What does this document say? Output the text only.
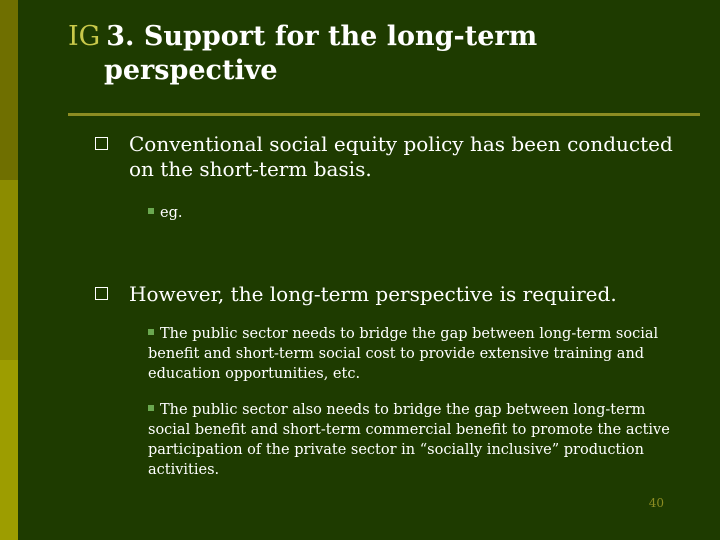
IG 3. Support for the long-term
perspective
Conventional social equity policy has been conducted on the short-term basis.
eg.
However, the long-term perspective is required.
The public sector needs to bridge the gap between long-term social benefit and short-term social cost to provide extensive training and education opportunities, etc.
The public sector also needs to bridge the gap between long-term social benefit and short-term commercial benefit to promote the active participation of the private sector in “socially inclusive” production activities.
40
